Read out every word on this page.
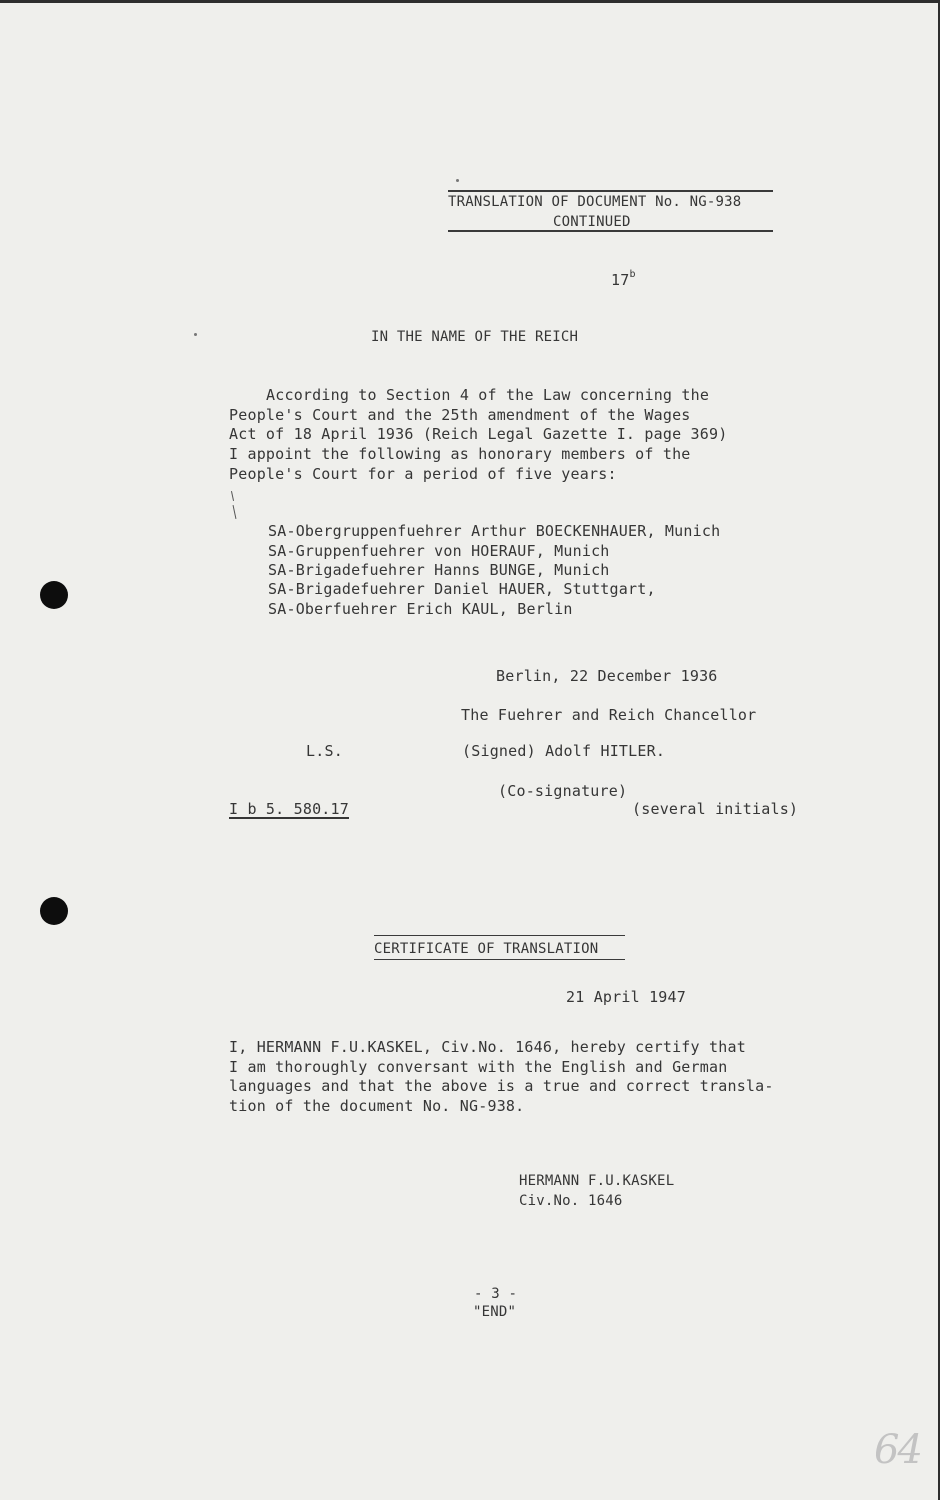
TRANSLATION OF DOCUMENT No. NG-938
CONTINUED
17$^b$
IN THE NAME OF THE REICH
According to Section 4 of the Law concerning the
People's Court and the 25th amendment of the Wages
Act of 18 April 1936 (Reich Legal Gazette I. page 369)
I appoint the following as honorary members of the
People's Court for a period of five years:
SA-Obergruppenfuehrer Arthur BOECKENHAUER, Munich
SA-Gruppenfuehrer von HOERAUF, Munich
SA-Brigadefuehrer Hanns BUNGE, Munich
SA-Brigadefuehrer Daniel HAUER, Stuttgart,
SA-Oberfuehrer Erich KAUL, Berlin
Berlin, 22 December 1936
The Fuehrer and Reich Chancellor
L.S.	(Signed) Adolf HITLER.
(Co-signature)
I b 5. 580.17	(several initials)
CERTIFICATE OF TRANSLATION
21 April 1947
I, HERMANN F.U.KASKEL, Civ.No. 1646, hereby certify that
I am thoroughly conversant with the English and German
languages and that the above is a true and correct transla-
tion of the document No. NG-938.
HERMANN F.U.KASKEL
Civ.No. 1646
- 3 -
"END"
64
